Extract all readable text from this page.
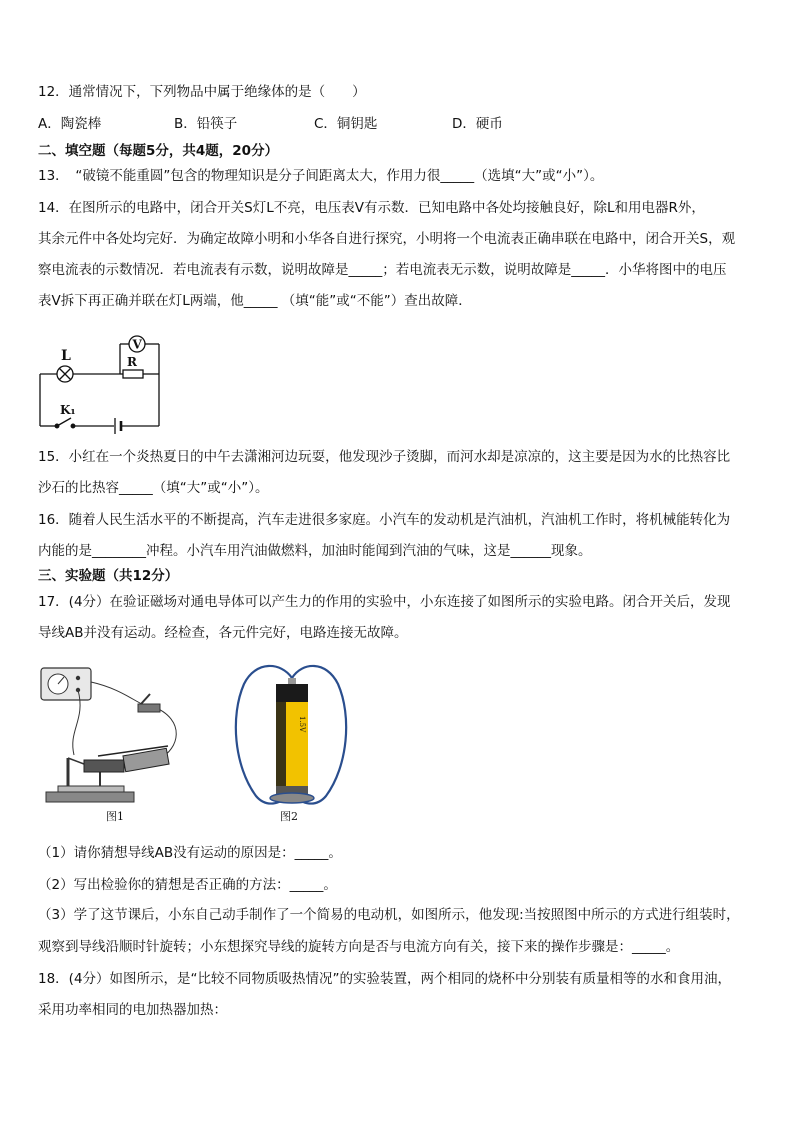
12．通常情况下，下列物品中属于绝缘体的是（　　）
A．陶瓷棒	B．铅筷子	C．铜钥匙	D．硬币
二、填空题（每题5分，共4题，20分）
13．　“破镜不能重圆”包含的物理知识是分子间距离太大，作用力很_____（选填“大”或“小”）。
14．在图所示的电路中，闭合开关S灯L不亮，电压表V有示数．已知电路中各处均接触良好，除L和用电器R外，
其余元件中各处均完好．为确定故障小明和小华各自进行探究，小明将一个电流表正确串联在电路中，闭合开关S，观
察电流表的示数情况．若电流表有示数，说明故障是_____；若电流表无示数，说明故障是_____．小华将图中的电压
表V拆下再正确并联在灯L两端，他_____ （填“能”或“不能”）查出故障．
L
V
R
K₁
15．小红在一个炎热夏日的中午去潇湘河边玩耍，他发现沙子烫脚，而河水却是凉凉的，这主要是因为水的比热容比
沙石的比热容_____（填“大”或“小”）。
16．随着人民生活水平的不断提高，汽车走进很多家庭。小汽车的发动机是汽油机，汽油机工作时，将机械能转化为
内能的是________冲程。小汽车用汽油做燃料，加油时能闻到汽油的气味，这是______现象。
三、实验题（共12分）
17．(4分）在验证磁场对通电导体可以产生力的作用的实验中，小东连接了如图所示的实验电路。闭合开关后，发现
导线AB并没有运动。经检查，各元件完好，电路连接无故障。
图1
1.5V
图2
（1）请你猜想导线AB没有运动的原因是：_____。
（2）写出检验你的猜想是否正确的方法：_____。
（3）学了这节课后，小东自己动手制作了一个简易的电动机，如图所示，他发现:当按照图中所示的方式进行组装时，
观察到导线沿顺时针旋转；小东想探究导线的旋转方向是否与电流方向有关，接下来的操作步骤是：_____。
18．(4分）如图所示，是“比较不同物质吸热情况”的实验装置，两个相同的烧杯中分别装有质量相等的水和食用油，
采用功率相同的电加热器加热：
